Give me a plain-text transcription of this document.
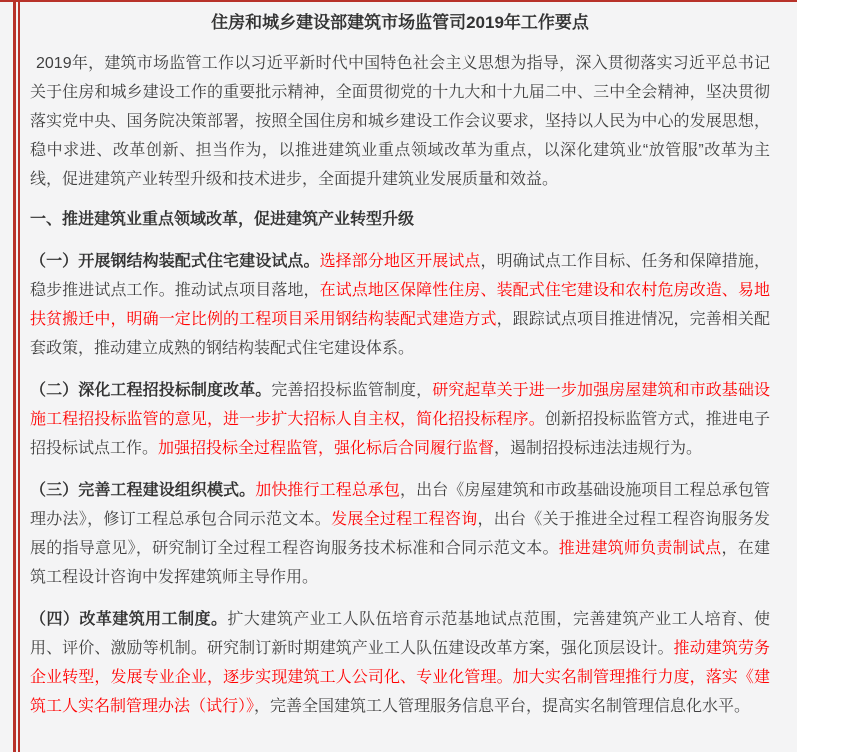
住房和城乡建设部建筑市场监管司2019年工作要点

2019年，建筑市场监管工作以习近平新时代中国特色社会主义思想为指导，深入贯彻落实习近平总书记关于住房和城乡建设工作的重要批示精神，全面贯彻党的十九大和十九届二中、三中全会精神，坚决贯彻落实党中央、国务院决策部署，按照全国住房和城乡建设工作会议要求，坚持以人民为中心的发展思想，稳中求进、改革创新、担当作为，以推进建筑业重点领域改革为重点，以深化建筑业“放管服”改革为主线，促进建筑产业转型升级和技术进步，全面提升建筑业发展质量和效益。

一、推进建筑业重点领域改革，促进建筑产业转型升级

（一）开展钢结构装配式住宅建设试点。选择部分地区开展试点，明确试点工作目标、任务和保障措施，稳步推进试点工作。推动试点项目落地，在试点地区保障性住房、装配式住宅建设和农村危房改造、易地扶贫搬迁中，明确一定比例的工程项目采用钢结构装配式建造方式，跟踪试点项目推进情况，完善相关配套政策，推动建立成熟的钢结构装配式住宅建设体系。

（二）深化工程招投标制度改革。完善招投标监管制度，研究起草关于进一步加强房屋建筑和市政基础设施工程招投标监管的意见，进一步扩大招标人自主权，简化招投标程序。创新招投标监管方式，推进电子招投标试点工作。加强招投标全过程监管，强化标后合同履行监督，遏制招投标违法违规行为。

（三）完善工程建设组织模式。加快推行工程总承包，出台《房屋建筑和市政基础设施项目工程总承包管理办法》，修订工程总承包合同示范文本。发展全过程工程咨询，出台《关于推进全过程工程咨询服务发展的指导意见》，研究制订全过程工程咨询服务技术标准和合同示范文本。推进建筑师负责制试点，在建筑工程设计咨询中发挥建筑师主导作用。

（四）改革建筑用工制度。扩大建筑产业工人队伍培育示范基地试点范围，完善建筑产业工人培育、使用、评价、激励等机制。研究制订新时期建筑产业工人队伍建设改革方案，强化顶层设计。推动建筑劳务企业转型，发展专业企业，逐步实现建筑工人公司化、专业化管理。加大实名制管理推行力度，落实《建筑工人实名制管理办法（试行）》，完善全国建筑工人管理服务信息平台，提高实名制管理信息化水平。
